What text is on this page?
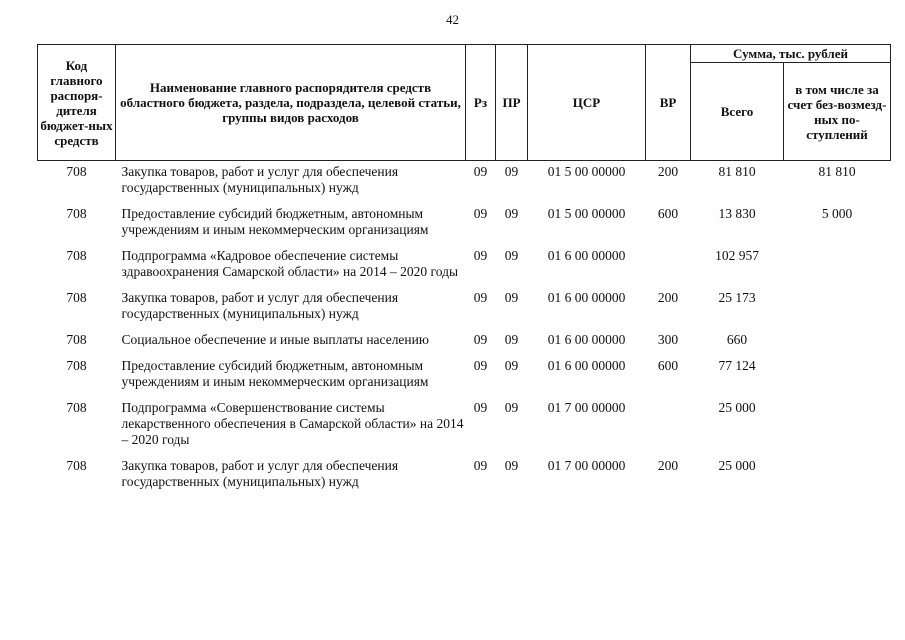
42
Код главного распоря-дителя бюджет-ных средств	Наименование главного распорядителя средств областного бюджета, раздела, подраздела, целевой статьи, группы видов расходов	Рз	ПР	ЦСР	ВР	Сумма, тыс. рублей	
						Всего	в том числе за счет без-возмезд-ных по-ступлений
708	Закупка товаров, работ и услуг для обеспечения государственных (муниципальных) нужд	09	09	01 5 00 00000	200	81 810	81 810
708	Предоставление субсидий бюджетным, автономным учреждениям и иным некоммерческим организациям	09	09	01 5 00 00000	600	13 830	5 000
708	Подпрограмма «Кадровое обеспечение системы здравоохранения Самарской области» на 2014 – 2020 годы	09	09	01 6 00 00000		102 957	
708	Закупка товаров, работ и услуг для обеспечения государственных (муниципальных) нужд	09	09	01 6 00 00000	200	25 173	
708	Социальное обеспечение и иные выплаты населению	09	09	01 6 00 00000	300	660	
708	Предоставление субсидий бюджетным, автономным учреждениям и иным некоммерческим организациям	09	09	01 6 00 00000	600	77 124	
708	Подпрограмма «Совершенствование системы лекарственного обеспечения в Самарской области» на 2014 – 2020 годы	09	09	01 7 00 00000		25 000	
708	Закупка товаров, работ и услуг для обеспечения государственных (муниципальных) нужд	09	09	01 7 00 00000	200	25 000	
